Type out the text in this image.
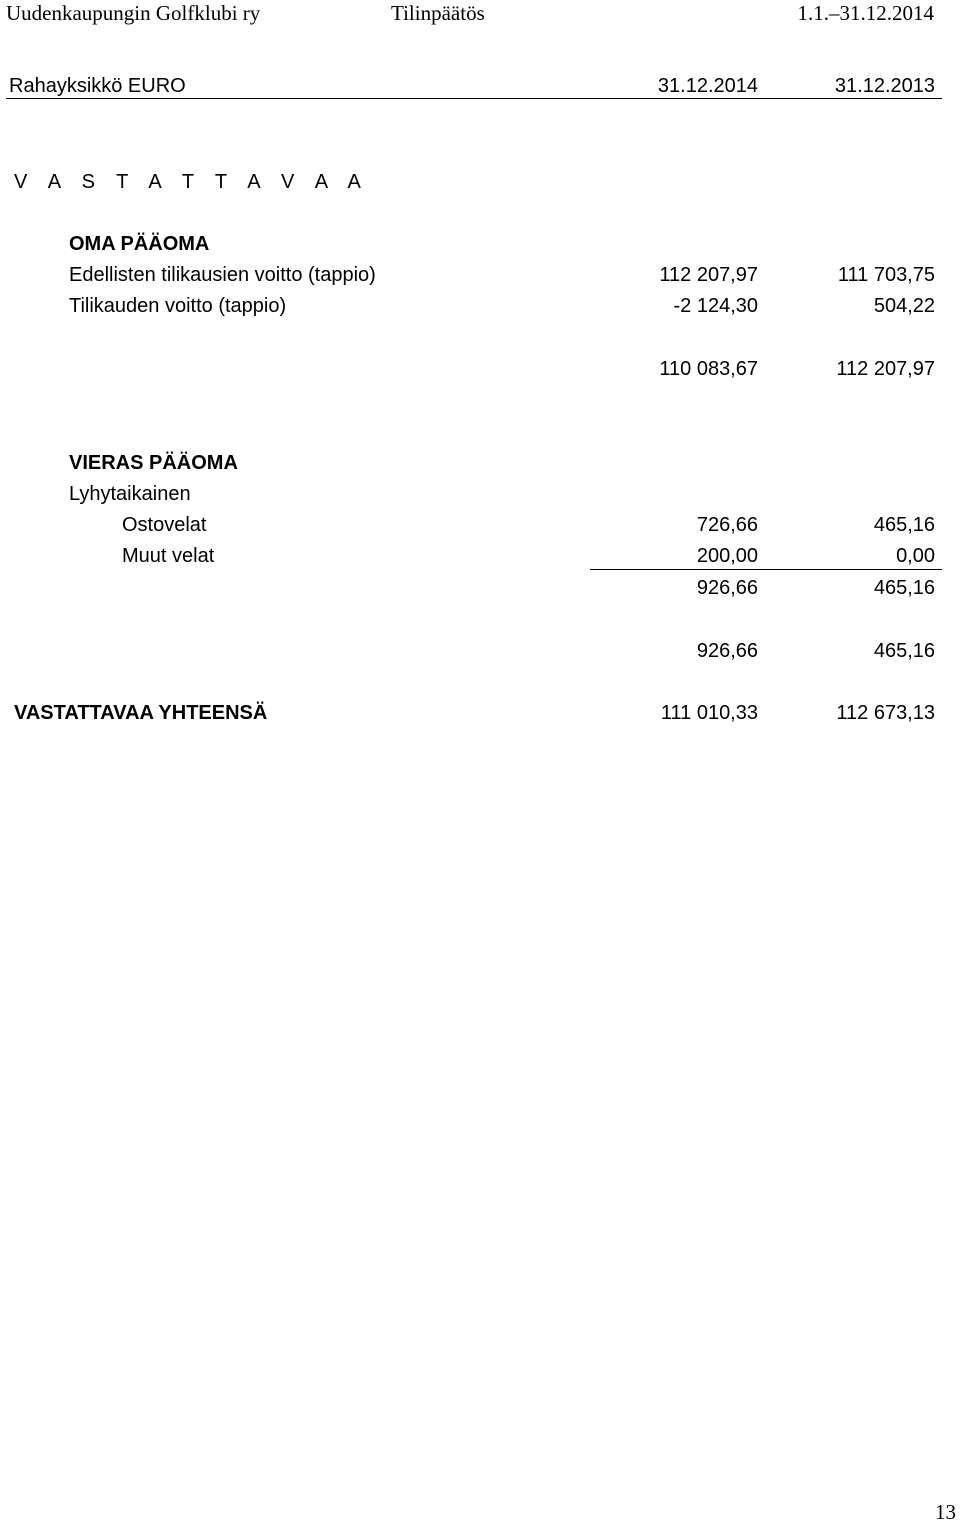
Uudenkaupungin Golfklubi ry	Tilinpäätös	1.1.–31.12.2014
Rahayksikkö EURO	31.12.2014	31.12.2013
V A S T A T T A V A A
OMA PÄÄOMA
Edellisten tilikausien voitto (tappio)	112 207,97	111 703,75
Tilikauden voitto (tappio)	-2 124,30	504,22
110 083,67	112 207,97
VIERAS PÄÄOMA
Lyhytaikainen
Ostovelat	726,66	465,16
Muut velat	200,00	0,00
926,66	465,16
926,66	465,16
VASTATTAVAA YHTEENSÄ	111 010,33	112 673,13
13
